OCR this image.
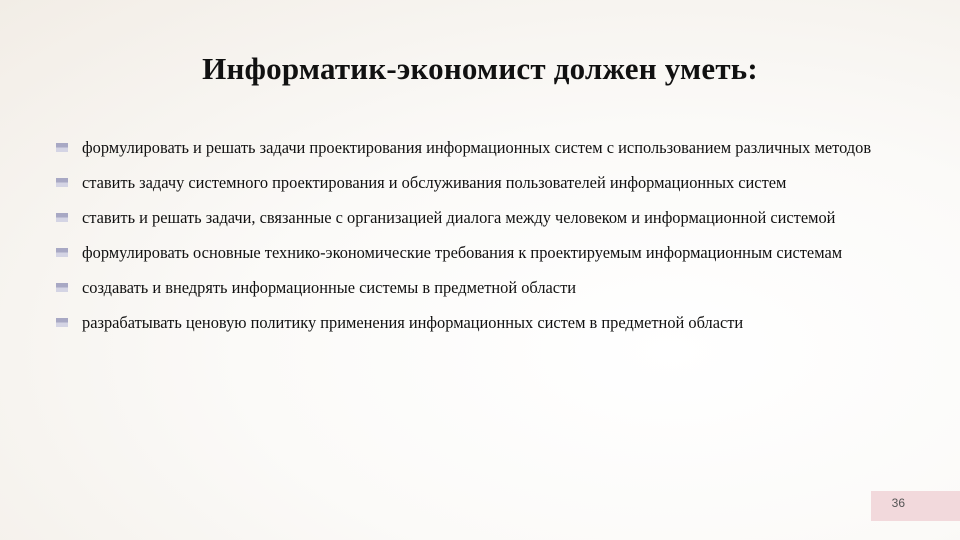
Информатик-экономист должен уметь:
формулировать и решать задачи проектирования информационных систем с использованием различных методов
ставить задачу системного проектирования и обслуживания пользователей информационных систем
ставить и решать задачи, связанные с организацией диалога между человеком и информационной системой
формулировать основные технико-экономические требования к проектируемым информационным системам
создавать и внедрять информационные системы в предметной области
разрабатывать ценовую политику применения информационных систем в предметной области
36
